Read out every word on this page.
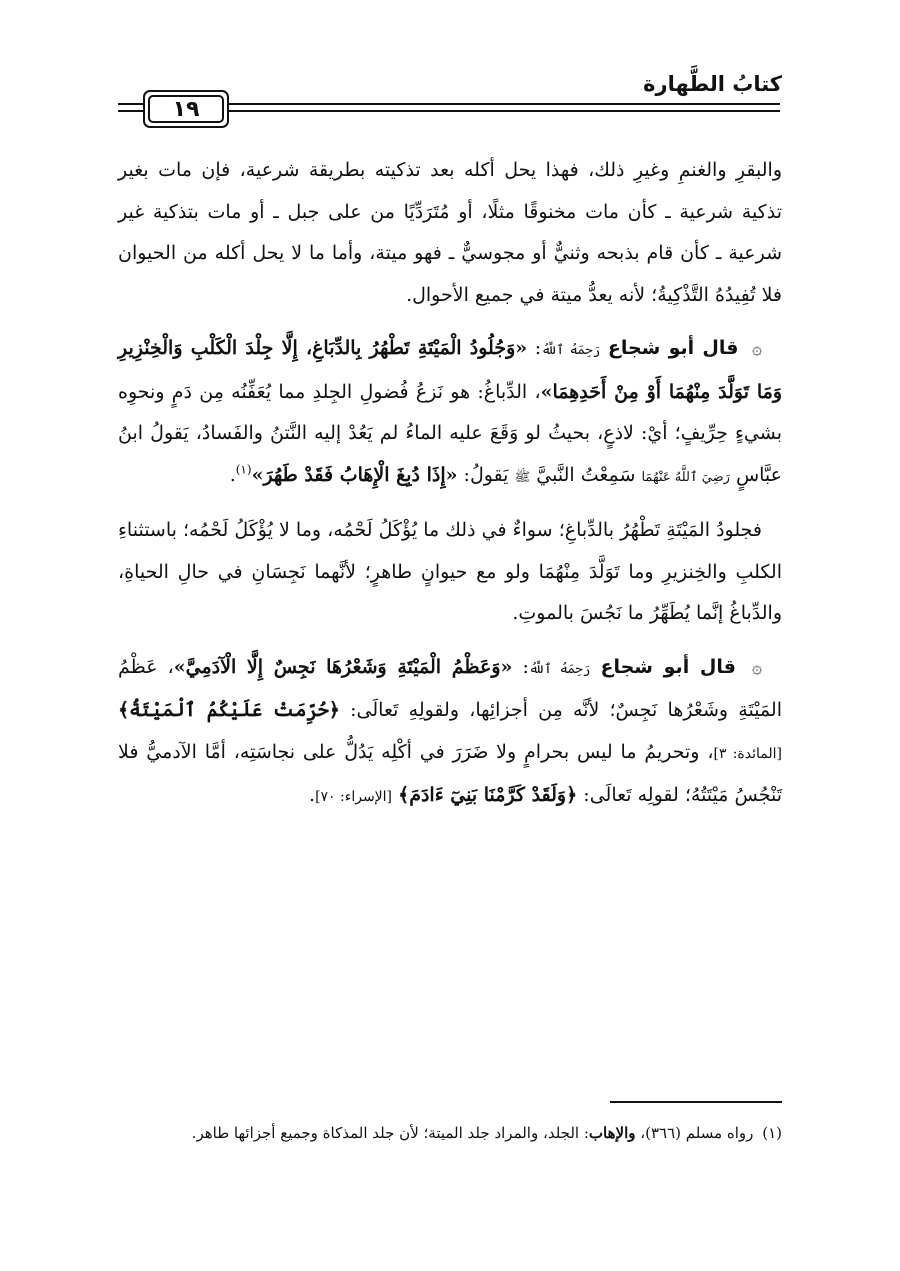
كتابُ الطَّهارة
١٩

والبقرِ والغنمِ وغيرِ ذلك، فهذا يحل أكله بعد تذكيته بطريقة شرعية، فإن مات بغير تذكية شرعية ـ كأن مات مخنوقًا مثلًا، أو مُتَرَدِّيًا من على جبل ـ أو مات بتذكية غير شرعية ـ كأن قام بذبحه وثنيٌّ أو مجوسيٌّ ـ فهو ميتة، وأما ما لا يحل أكله من الحيوان فلا تُفِيدُهُ التَّذْكِيةُ؛ لأنه يعدُّ ميتة في جميع الأحوال.

۞ قال أبو شجاع رَحِمَهُ ٱللَّهُ: «وَجُلُودُ الْمَيْتَةِ تَطْهُرُ بِالدِّبَاغِ، إِلَّا جِلْدَ الْكَلْبِ وَالْخِنْزِيرِ وَمَا تَوَلَّدَ مِنْهُمَا أَوْ مِنْ أَحَدِهِمَا»، الدِّباغُ: هو نَزعُ فُضولِ الجِلدِ مما يُعَفِّنُه مِن دَمٍ ونحوِه بشيءٍ حِرِّيفٍ؛ أيْ: لاذعٍ، بحيثُ لو وَقَعَ عليه الماءُ لم يَعُدْ إليه النَّتنُ والفَسادُ، يَقولُ ابنُ عبَّاسٍ رَضِيَ ٱللَّهُ عَنْهُمَا سَمِعْتُ النَّبيَّ ﷺ يَقولُ: «إِذَا دُبِغَ الْإِهَابُ فَقَدْ طَهُرَ»$^{(١)}$.

فجلودُ المَيْتَةِ تَطْهُرُ بالدِّباغِ؛ سواءٌ في ذلك ما يُؤْكَلُ لَحْمُه، وما لا يُؤْكَلُ لَحْمُه؛ باستثناءِ الكلبِ والخِنزيرِ وما تَوَلَّدَ مِنْهُمَا ولو مع حيوانٍ طاهرٍ؛ لأنَّهما نَجِسَانِ في حالِ الحياةِ، والدِّباغُ إنَّما يُطَهِّرُ ما نَجُسَ بالموتِ.

۞ قال أبو شجاع رَحِمَهُ ٱللَّهُ: «وَعَظْمُ الْمَيْتَةِ وَشَعْرُهَا نَجِسٌ إِلَّا الْآدَمِيَّ»، عَظْمُ المَيْتَةِ وشَعْرُها نَجِسٌ؛ لأنَّه مِن أجزائِها، ولقولِهِ تَعالَى: ﴿حُرِّمَتْ عَلَيْكُمُ ٱلْمَيْتَةُ﴾ [المائدة: ٣]، وتحريمُ ما ليس بحرامٍ ولا ضَرَرَ في أكْلِه يَدُلُّ على نجاسَتِه، أمَّا الآدميُّ فلا تَنْجُسُ مَيْتَتُهُ؛ لقولِه تَعالَى: ﴿وَلَقَدْ كَرَّمْنَا بَنِيٓ ءَادَمَ﴾ [الإسراء: ٧٠].

(١) رواه مسلم (٣٦٦)، والإهاب: الجلد، والمراد جلد الميتة؛ لأن جلد المذكاة وجميع أجزائها طاهر.
